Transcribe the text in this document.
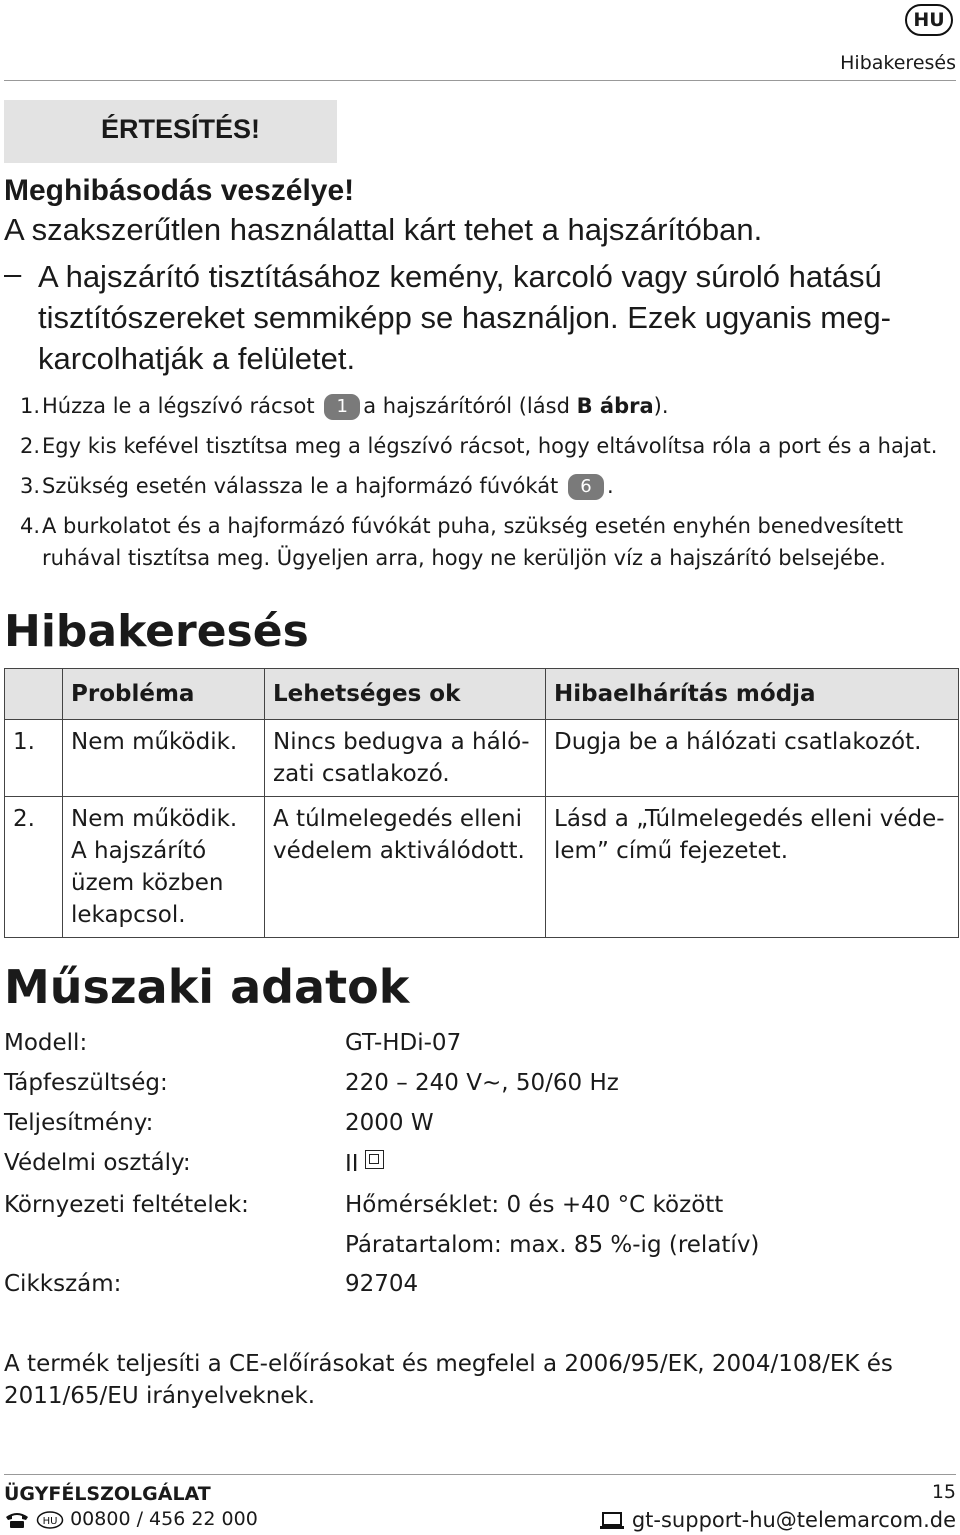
HU
Hibakeresés
ÉRTESÍTÉS!
Meghibásodás veszélye!
A szakszerűtlen használattal kárt tehet a hajszárítóban.
– A hajszárító tisztításához kemény, karcoló vagy súroló hatású tisztítószereket semmiképp se használjon. Ezek ugyanis megkarcolhatják a felületet.
1. Húzza le a légszívó rácsot 1 a hajszárítóról (lásd B ábra).
2. Egy kis kefével tisztítsa meg a légszívó rácsot, hogy eltávolítsa róla a port és a hajat.
3. Szükség esetén válassza le a hajformázó fúvókát 6 .
4. A burkolatot és a hajformázó fúvókát puha, szükség esetén enyhén benedvesített
ruhával tisztítsa meg. Ügyeljen arra, hogy ne kerüljön víz a hajszárító belsejébe.
Hibakeresés
	Probléma	Lehetséges ok	Hibaelhárítás módja
1.	Nem működik.	Nincs bedugva a hálózati csatlakozó.	Dugja be a hálózati csatlakozót.
2.	Nem működik. A hajszárító üzem közben lekapcsol.	A túlmelegedés elleni védelem aktiválódott.	Lásd a „Túlmelegedés elleni védelem” című fejezetet.
Műszaki adatok
Modell:	GT-HDi-07
Tápfeszültség:	220 – 240 V~, 50/60 Hz
Teljesítmény:	2000 W
Védelmi osztály:	II
Környezeti feltételek:	Hőmérséklet: 0 és +40 °C között
Páratartalom: max. 85 %-ig (relatív)
Cikkszám:	92704
A termék teljesíti a CE-előírásokat és megfelel a 2006/95/EK, 2004/108/EK és 2011/65/EU irányelveknek.
ÜGYFÉLSZOLGÁLAT	15

HU 00800 / 456 22 000	gt-support-hu@telemarcom.de
